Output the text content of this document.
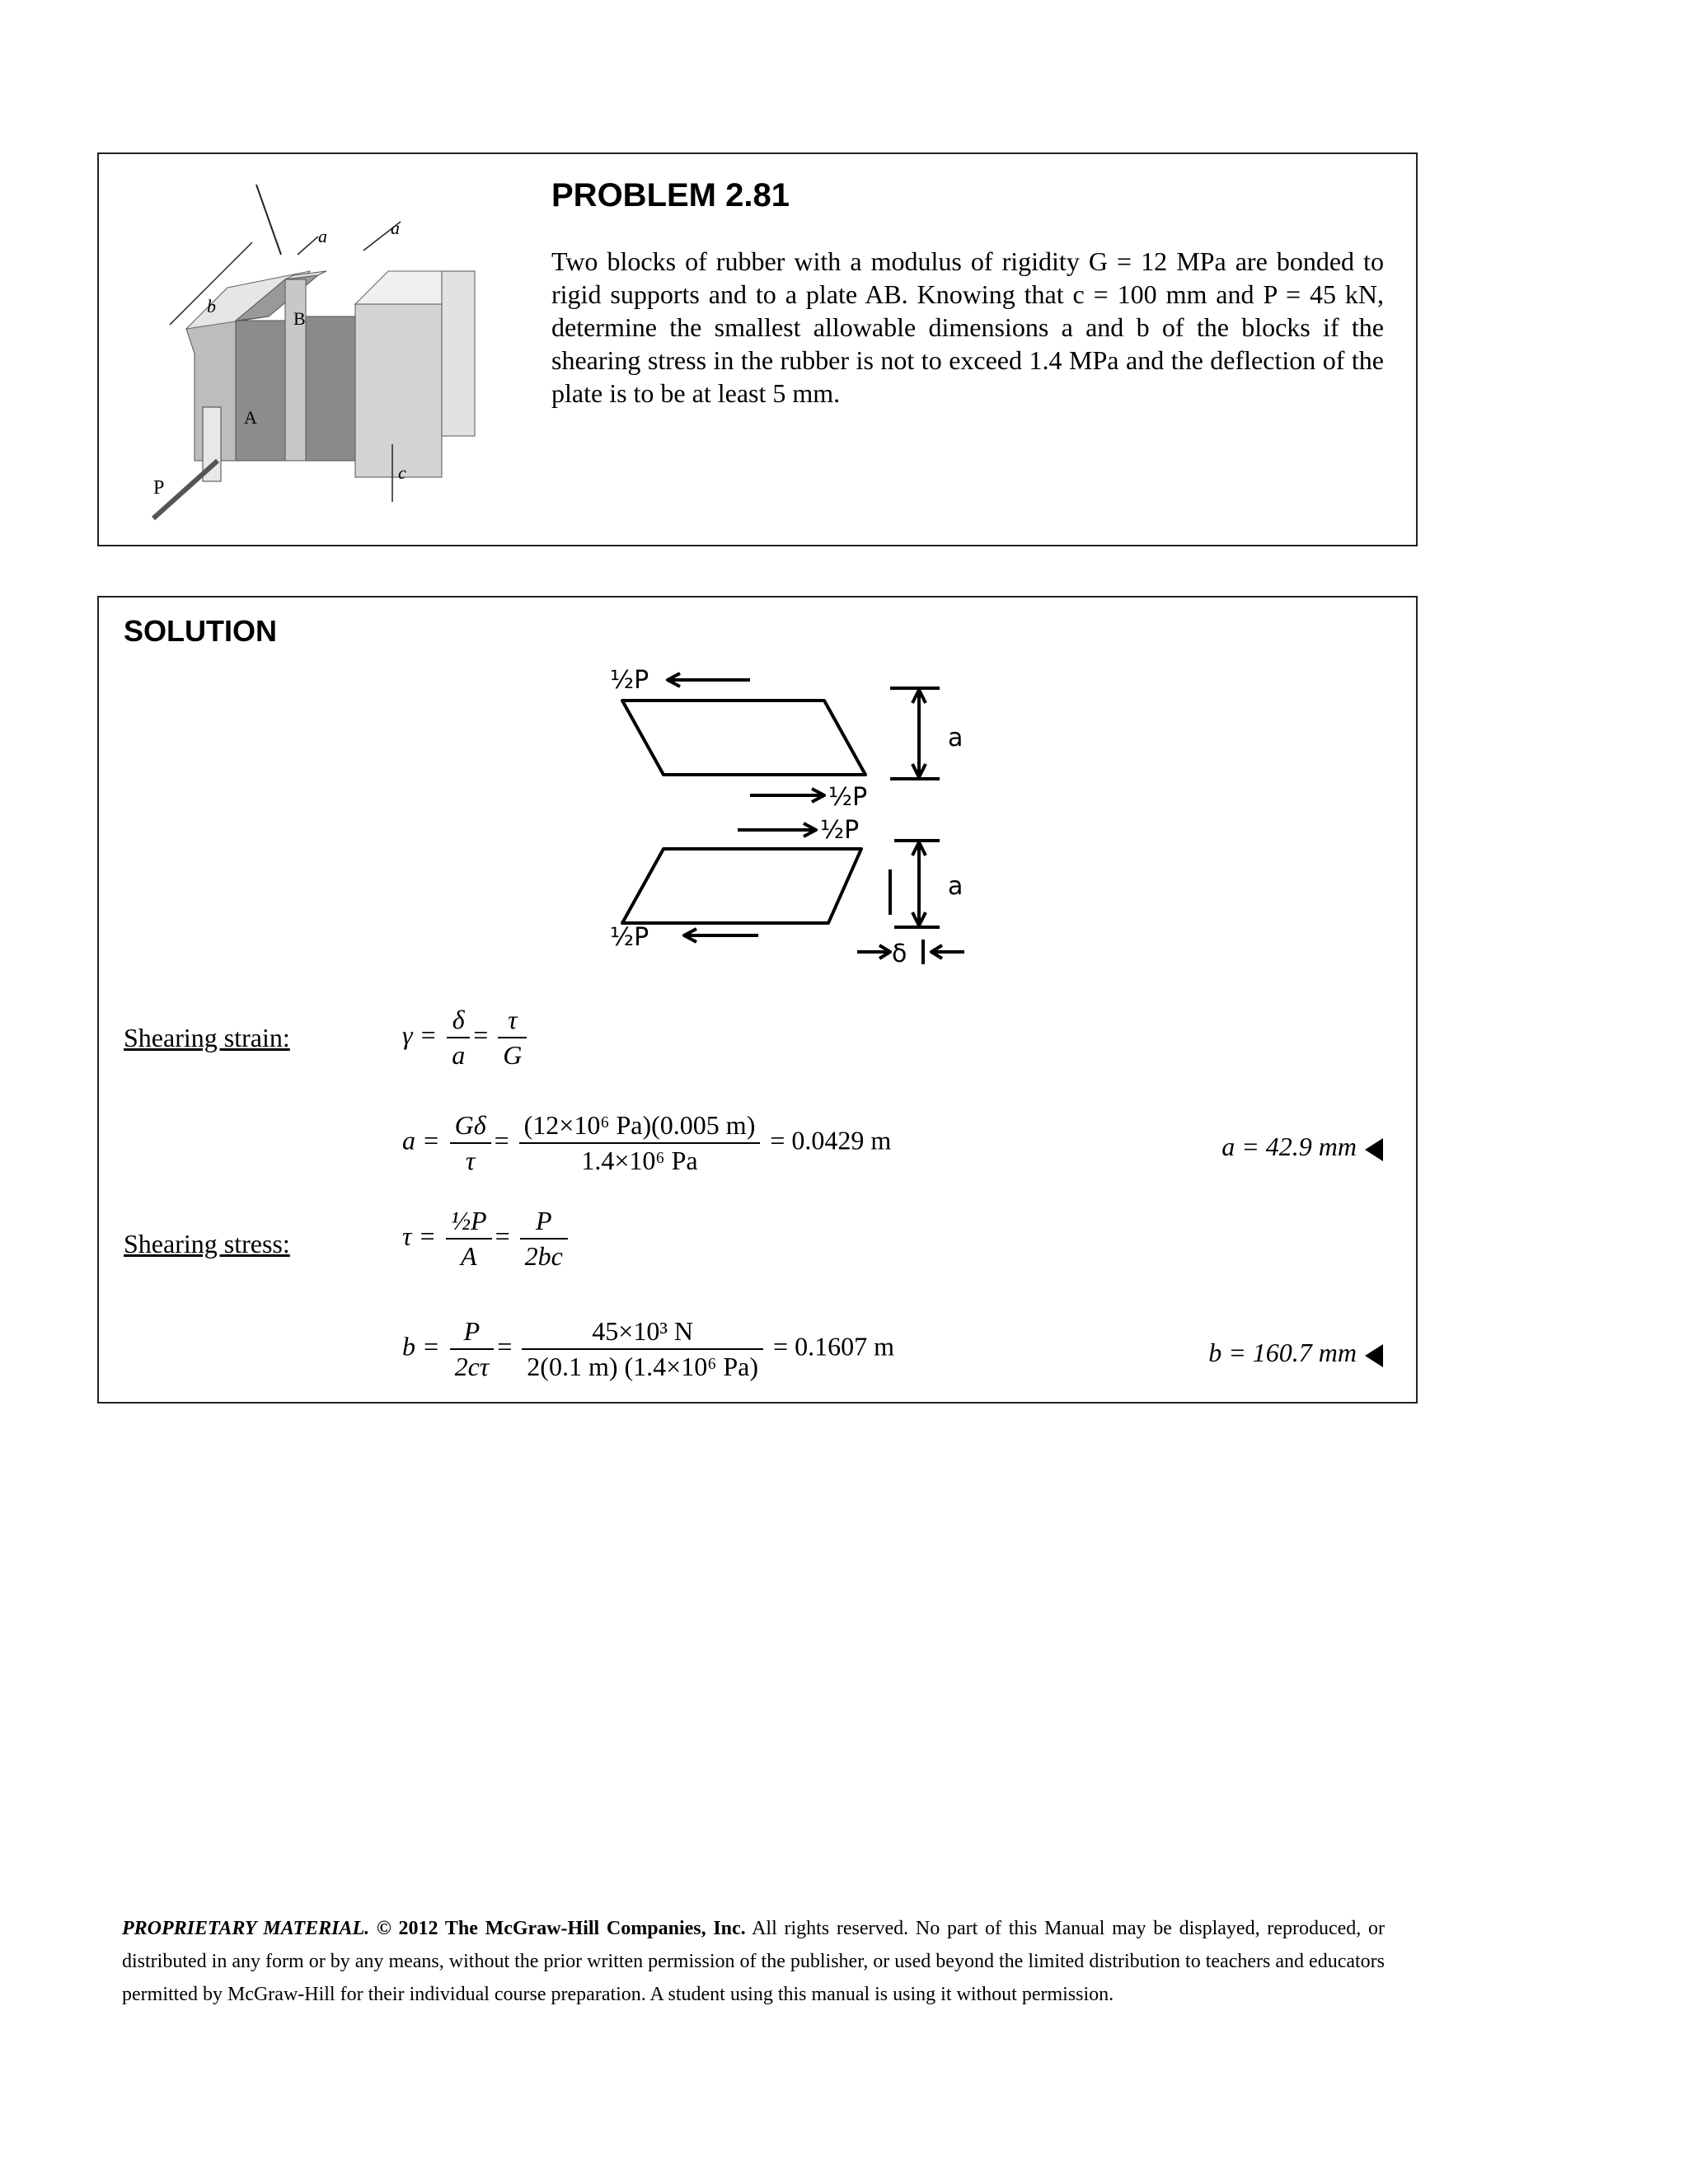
a	a
b
B
A
P
c
PROBLEM 2.81
Two blocks of rubber with a modulus of rigidity G = 12 MPa are bonded to rigid supports and to a plate AB. Knowing that c = 100 mm and P = 45 kN, determine the smallest allowable dimensions a and b of the blocks if the shearing stress in the rubber is not to exceed 1.4 MPa and the deflection of the plate is to be at least 5 mm.
SOLUTION
½P
½P
½P
½P
a
a
δ
Shearing strain:	$\gamma = \frac{\delta}{a} = \frac{\tau}{G}$
$a = \frac{G\delta}{\tau} = \frac{\text{(12×10⁶ Pa)(0.005 m)}}{\text{1.4×10⁶ Pa}} = 0.0429$ m	a = 42.9 mm
Shearing stress:	$\tau = \frac{\text{½P}}{A} = \frac{P}{2bc}$
$b = \frac{P}{2c\tau} = \frac{\text{45×10³ N}}{\text{2(0.1 m) (1.4×10⁶ Pa)}} = 0.1607$ m	b = 160.7 mm
PROPRIETARY MATERIAL. © 2012 The McGraw-Hill Companies, Inc. All rights reserved. No part of this Manual may be displayed, reproduced, or distributed in any form or by any means, without the prior written permission of the publisher, or used beyond the limited distribution to teachers and educators permitted by McGraw-Hill for their individual course preparation. A student using this manual is using it without permission.
